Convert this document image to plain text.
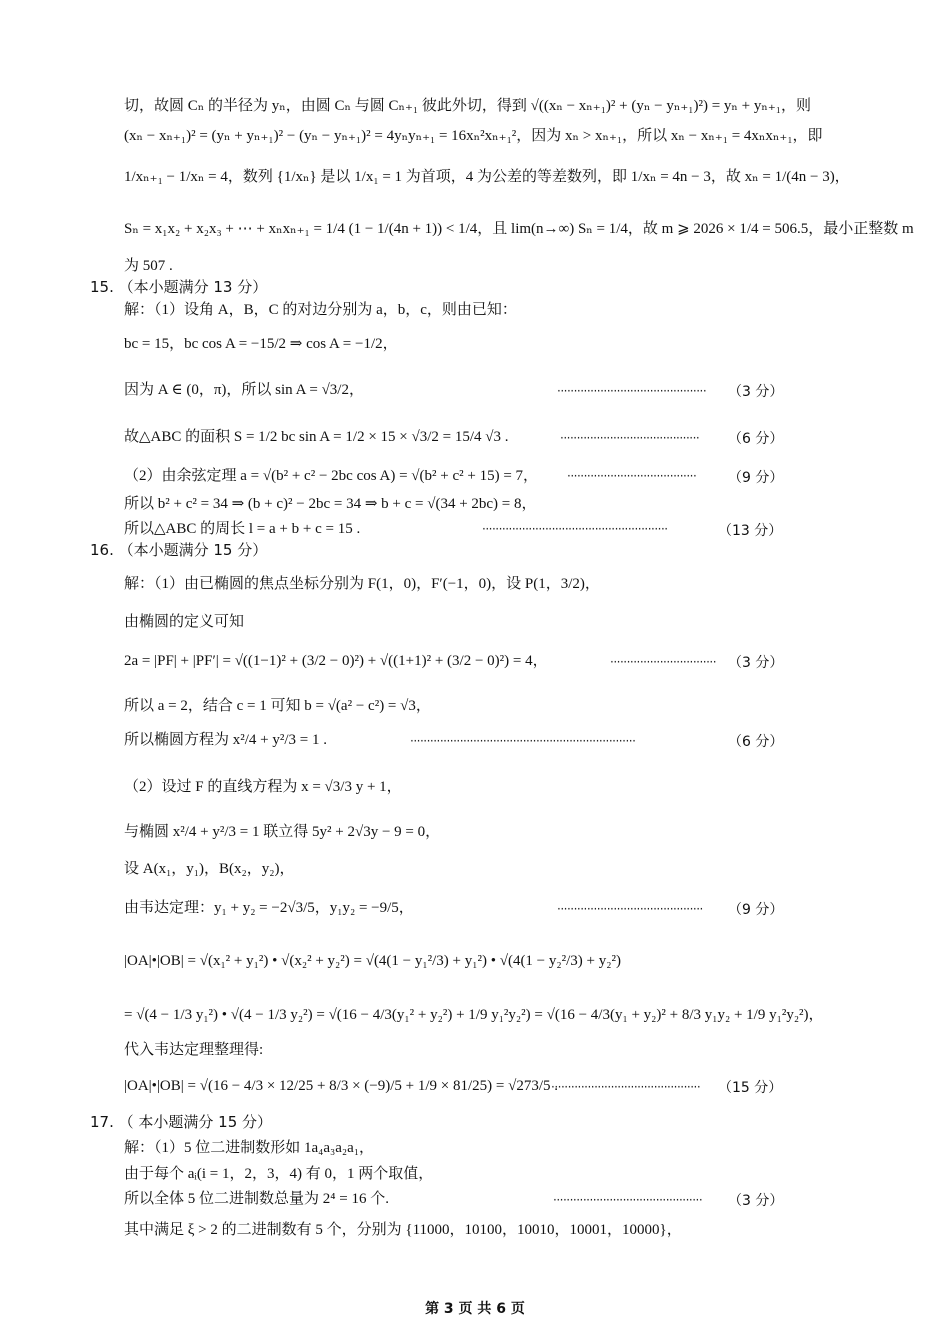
切，故圆 Cₙ 的半径为 yₙ，由圆 Cₙ 与圆 Cₙ₊₁ 彼此外切，得到 √((xₙ − xₙ₊₁)² + (yₙ − yₙ₊₁)²) = yₙ + yₙ₊₁，则
(xₙ − xₙ₊₁)² = (yₙ + yₙ₊₁)² − (yₙ − yₙ₊₁)² = 4yₙyₙ₊₁ = 16xₙ²xₙ₊₁²，因为 xₙ > xₙ₊₁，所以 xₙ − xₙ₊₁ = 4xₙxₙ₊₁，即
1/xₙ₊₁ − 1/xₙ = 4，数列 {1/xₙ} 是以 1/x₁ = 1 为首项，4 为公差的等差数列，即 1/xₙ = 4n − 3，故 xₙ = 1/(4n − 3)，
Sₙ = x₁x₂ + x₂x₃ + ⋯ + xₙxₙ₊₁ = 1/4 (1 − 1/(4n + 1)) < 1/4，且 lim(n→∞) Sₙ = 1/4，故 m ⩾ 2026 × 1/4 = 506.5，最小正整数 m
为 507 .
15. （本小题满分 13 分）
解：（1）设角 A，B，C 的对边分别为 a，b，c，则由已知：
bc = 15，bc cos A = −15/2 ⇒ cos A = −1/2，
因为 A ∈ (0，π)，所以 sin A = √3/2，	············································· （3 分）
故△ABC 的面积 S = 1/2 bc sin A = 1/2 × 15 × √3/2 = 15/4 √3 .	·········································· （6 分）
（2）由余弦定理 a = √(b² + c² − 2bc cos A) = √(b² + c² + 15) = 7， ······································· （9 分）
所以 b² + c² = 34 ⇒ (b + c)² − 2bc = 34 ⇒ b + c = √(34 + 2bc) = 8，
所以△ABC 的周长 l = a + b + c = 15 .	························································	（13 分）
16. （本小题满分 15 分）
解：（1）由已椭圆的焦点坐标分别为 F(1，0)，F′(−1，0)，设 P(1，3/2)，
由椭圆的定义可知
2a = |PF| + |PF′| = √((1−1)² + (3/2 − 0)²) + √((1+1)² + (3/2 − 0)²) = 4，	································ （3 分）
所以 a = 2，结合 c = 1 可知 b = √(a² − c²) = √3，
所以椭圆方程为 x²/4 + y²/3 = 1 .	····································································	（6 分）
（2）设过 F 的直线方程为 x = √3/3 y + 1，
与椭圆 x²/4 + y²/3 = 1 联立得 5y² + 2√3y − 9 = 0，
设 A(x₁，y₁)，B(x₂，y₂)，
由韦达定理：y₁ + y₂ = −2√3/5，y₁y₂ = −9/5，	············································ （9 分）
|OA|•|OB| = √(x₁² + y₁²) • √(x₂² + y₂²) = √(4(1 − y₁²/3) + y₁²) • √(4(1 − y₂²/3) + y₂²)
= √(4 − 1/3 y₁²) • √(4 − 1/3 y₂²) = √(16 − 4/3(y₁² + y₂²) + 1/9 y₁²y₂²) = √(16 − 4/3(y₁ + y₂)² + 8/3 y₁y₂ + 1/9 y₁²y₂²)，
代入韦达定理整理得:
|OA|•|OB| = √(16 − 4/3 × 12/25 + 8/3 × (−9)/5 + 1/9 × 81/25) = √273/5 .
············································· （15 分）
17. （ 本小题满分 15 分）
解：（1）5 位二进制数形如 1a₄a₃a₂a₁，
由于每个 aᵢ(i = 1，2，3，4) 有 0，1 两个取值，
所以全体 5 位二进制数总量为 2⁴ = 16 个.	············································· （3 分）
其中满足 ξ > 2 的二进制数有 5 个，分别为 {11000，10100，10010，10001，10000}，
第 3 页 共 6 页
